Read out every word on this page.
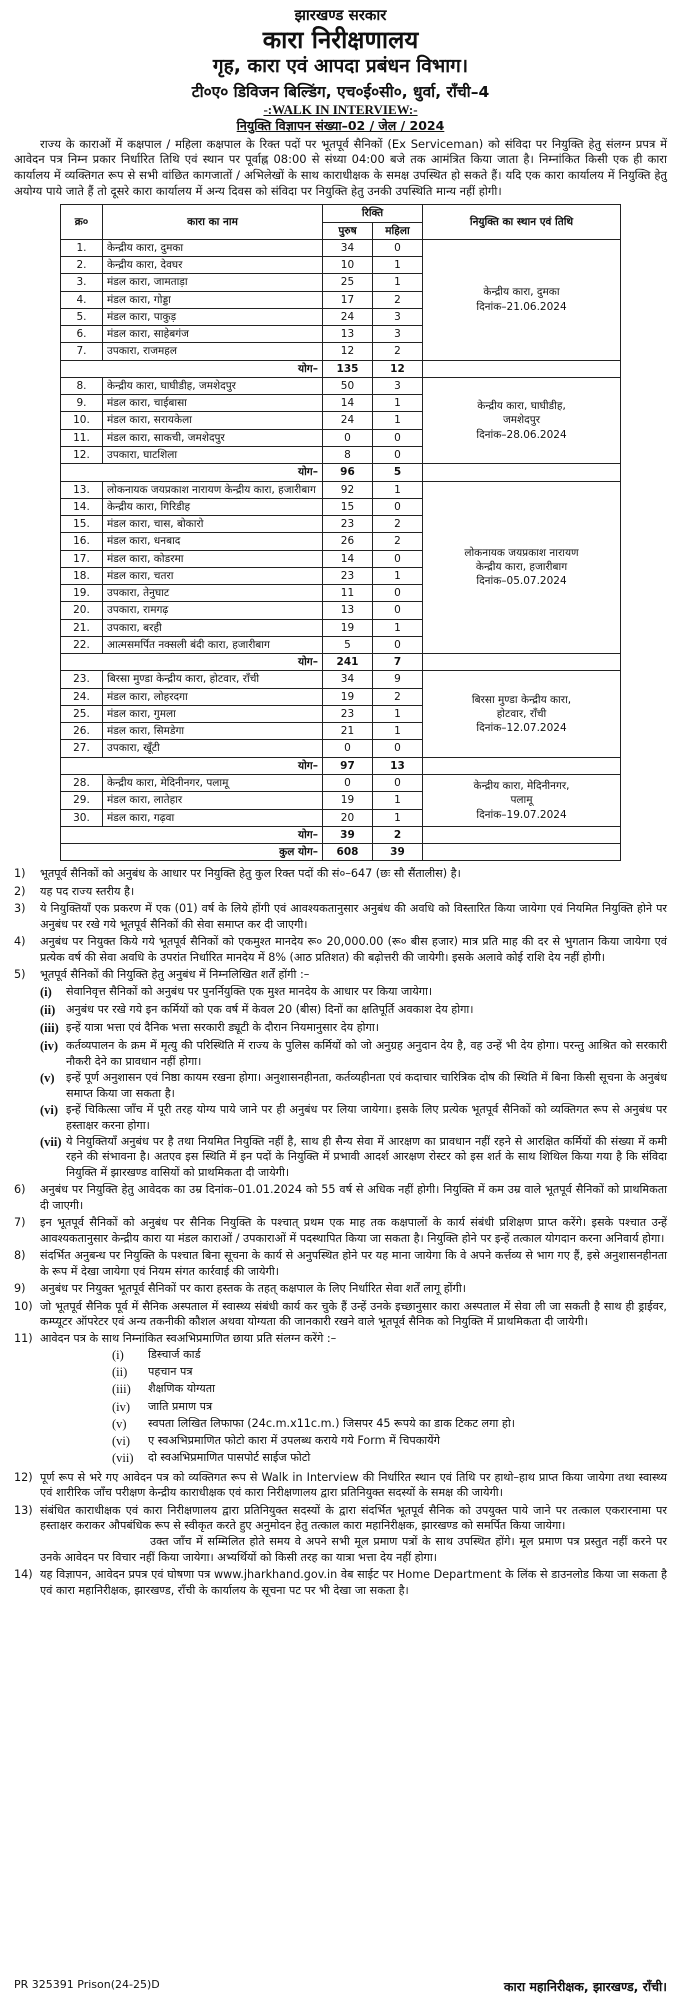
झारखण्ड सरकार
कारा निरीक्षणालय
गृह, कारा एवं आपदा प्रबंधन विभाग।
टी०ए० डिविजन बिल्डिंग, एच०ई०सी०, धुर्वा, राँची–4
-:WALK IN INTERVIEW:-
नियुक्ति विज्ञापन संख्या–02 / जेल / 2024

राज्य के काराओं में कक्षपाल / महिला कक्षपाल के रिक्त पदों पर भूतपूर्व सैनिकों (Ex Serviceman) को संविदा पर नियुक्ति हेतु संलग्न प्रपत्र में आवेदन पत्र निम्न प्रकार निर्धारित तिथि एवं स्थान पर पूर्वाह्न 08:00 से संध्या 04:00 बजे तक आमंत्रित किया जाता है। निम्नांकित किसी एक ही कारा कार्यालय में व्यक्तिगत रूप से सभी वांछित कागजातों / अभिलेखों के साथ काराधीक्षक के समक्ष उपस्थित हो सकते हैं। यदि एक कारा कार्यालय में नियुक्ति हेतु अयोग्य पाये जाते हैं तो दूसरे कारा कार्यालय में अन्य दिवस को संविदा पर नियुक्ति हेतु उनकी उपस्थिति मान्य नहीं होगी।

क्र०	कारा का नाम	रिक्ति		नियुक्ति का स्थान एवं तिथि
		पुरुष	महिला	
1.	केन्द्रीय कारा, दुमका	34	0	केन्द्रीय कारा, दुमका
दिनांक–21.06.2024

2.	केन्द्रीय कारा, देवघर	10	1	
3.	मंडल कारा, जामताड़ा	25	1	
4.	मंडल कारा, गोड्डा	17	2	
5.	मंडल कारा, पाकुड़	24	3	
6.	मंडल कारा, साहेबगंज	13	3	
7.	उपकारा, राजमहल	12	2	
योग–		135	12	
8.	केन्द्रीय कारा, घाघीडीह, जमशेदपुर	50	3	केन्द्रीय कारा, घाघीडीह,
जमशेदपुर
दिनांक–28.06.2024

9.	मंडल कारा, चाईबासा	14	1	
10.	मंडल कारा, सरायकेला	24	1	
11.	मंडल कारा, साकची, जमशेदपुर	0	0	
12.	उपकारा, घाटशिला	8	0	
योग–		96	5	
13.	लोकनायक जयप्रकाश नारायण केन्द्रीय कारा, हजारीबाग	92	1	लोकनायक जयप्रकाश नारायण
केन्द्रीय कारा, हजारीबाग
दिनांक–05.07.2024

14.	केन्द्रीय कारा, गिरिडीह	15	0	
15.	मंडल कारा, चास, बोकारो	23	2	
16.	मंडल कारा, धनबाद	26	2	
17.	मंडल कारा, कोडरमा	14	0	
18.	मंडल कारा, चतरा	23	1	
19.	उपकारा, तेनुघाट	11	0	
20.	उपकारा, रामगढ़	13	0	
21.	उपकारा, बरही	19	1	
22.	आत्मसमर्पित नक्सली बंदी कारा, हजारीबाग	5	0	
योग–		241	7	
23.	बिरसा मुण्डा केन्द्रीय कारा, होटवार, राँची	34	9	बिरसा मुण्डा केन्द्रीय कारा,
होटवार, राँची
दिनांक–12.07.2024

24.	मंडल कारा, लोहरदगा	19	2	
25.	मंडल कारा, गुमला	23	1	
26.	मंडल कारा, सिमडेगा	21	1	
27.	उपकारा, खूँटी	0	0	
योग–		97	13	
28.	केन्द्रीय कारा, मेदिनीनगर, पलामू	0	0	केन्द्रीय कारा, मेदिनीनगर,
पलामू
दिनांक–19.07.2024

29.	मंडल कारा, लातेहार	19	1	
30.	मंडल कारा, गढ़वा	20	1	
योग–		39	2	
कुल योग–		608	39	
1)	भूतपूर्व सैनिकों को अनुबंध के आधार पर नियुक्ति हेतु कुल रिक्त पदों की सं०–647 (छः सौ सैंतालीस) है।
2)	यह पद राज्य स्तरीय है।
3)	ये नियुक्तियाँ एक प्रकरण में एक (01) वर्ष के लिये होंगी एवं आवश्यकतानुसार अनुबंध की अवधि को विस्तारित किया जायेगा एवं नियमित नियुक्ति होने पर अनुबंध पर रखे गये भूतपूर्व सैनिकों की सेवा समाप्त कर दी जाएगी।
4)	अनुबंध पर नियुक्त किये गये भूतपूर्व सैनिकों को एकमुश्त मानदेय रू० 20,000.00 (रू० बीस हजार) मात्र प्रति माह की दर से भुगतान किया जायेगा एवं प्रत्येक वर्ष की सेवा अवधि के उपरांत निर्धारित मानदेय में 8% (आठ प्रतिशत) की बढ़ोत्तरी की जायेगी। इसके अलावे कोई राशि देय नहीं होगी।
5)	भूतपूर्व सैनिकों की नियुक्ति हेतु अनुबंध में निम्नलिखित शर्तें होंगी :–
(i)	सेवानिवृत्त सैनिकों को अनुबंध पर पुनर्नियुक्ति एक मुश्त मानदेय के आधार पर किया जायेगा।
(ii) अनुबंध पर रखे गये इन कर्मियों को एक वर्ष में केवल 20 (बीस) दिनों का क्षतिपूर्ति अवकाश देय होगा।
(iii) इन्हें यात्रा भत्ता एवं दैनिक भत्ता सरकारी ड्यूटी के दौरान नियमानुसार देय होगा।
(iv) कर्तव्यपालन के क्रम में मृत्यु की परिस्थिति में राज्य के पुलिस कर्मियों को जो अनुग्रह अनुदान देय है, वह उन्हें भी देय होगा। परन्तु आश्रित को सरकारी नौकरी देने का प्रावधान नहीं होगा।
(v)	इन्हें पूर्ण अनुशासन एवं निष्ठा कायम रखना होगा। अनुशासनहीनता, कर्तव्यहीनता एवं कदाचार चारित्रिक दोष की स्थिति में बिना किसी सूचना के अनुबंध समाप्त किया जा सकता है।
(vi) इन्हें चिकित्सा जाँच में पूरी तरह योग्य पाये जाने पर ही अनुबंध पर लिया जायेगा। इसके लिए प्रत्येक भूतपूर्व सैनिकों को व्यक्तिगत रूप से अनुबंध पर हस्ताक्षर करना होगा।
(vii) ये नियुक्तियाँ अनुबंध पर है तथा नियमित नियुक्ति नहीं है, साथ ही सैन्य सेवा में आरक्षण का प्रावधान नहीं रहने से आरक्षित कर्मियों की संख्या में कमी रहने की संभावना है। अतएव इस स्थिति में इन पदों के नियुक्ति में प्रभावी आदर्श आरक्षण रोस्टर को इस शर्त के साथ शिथिल किया गया है कि संविदा नियुक्ति में झारखण्ड वासियों को प्राथमिकता दी जायेगी।
6)	अनुबंध पर नियुक्ति हेतु आवेदक का उम्र दिनांक–01.01.2024 को 55 वर्ष से अधिक नहीं होगी। नियुक्ति में कम उम्र वाले भूतपूर्व सैनिकों को प्राथमिकता दी जाएगी।
7)	इन भूतपूर्व सैनिकों को अनुबंध पर सैनिक नियुक्ति के पश्चात् प्रथम एक माह तक कक्षपालों के कार्य संबंधी प्रशिक्षण प्राप्त करेंगे। इसके पश्चात उन्हें आवश्यकतानुसार केन्द्रीय कारा या मंडल काराओं / उपकाराओं में पदस्थापित किया जा सकता है। नियुक्ति होने पर इन्हें तत्काल योगदान करना अनिवार्य होगा।
8)	संदर्भित अनुबन्ध पर नियुक्ति के पश्चात बिना सूचना के कार्य से अनुपस्थित होने पर यह माना जायेगा कि वे अपने कर्त्तव्य से भाग गए हैं, इसे अनुशासनहीनता के रूप में देखा जायेगा एवं नियम संगत कार्रवाई की जायेगी।
9)	अनुबंध पर नियुक्त भूतपूर्व सैनिकों पर कारा हस्तक के तहत् कक्षपाल के लिए निर्धारित सेवा शर्तें लागू होंगी।
10) जो भूतपूर्व सैनिक पूर्व में सैनिक अस्पताल में स्वास्थ्य संबंधी कार्य कर चुके हैं उन्हें उनके इच्छानुसार कारा अस्पताल में सेवा ली जा सकती है साथ ही ड्राईवर, कम्प्यूटर ऑपरेटर एवं अन्य तकनीकी कौशल अथवा योग्यता की जानकारी रखने वाले भूतपूर्व सैनिक को नियुक्ति में प्राथमिकता दी जायेगी।
11) आवेदन पत्र के साथ निम्नांकित स्वअभिप्रमाणित छाया प्रति संलग्न करेंगे :–
(i)	डिस्चार्ज कार्ड
(ii)	पहचान पत्र
(iii)	शैक्षणिक योग्यता
(iv)	जाति प्रमाण पत्र
(v)	स्वपता लिखित लिफाफा (24c.m.x11c.m.) जिसपर 45 रूपये का डाक टिकट लगा हो।
(vi)	ए स्वअभिप्रमाणित फोटो कारा में उपलब्ध कराये गये Form में चिपकायेंगे
(vii)	दो स्वअभिप्रमाणित पासपोर्ट साईज फोटो
12) पूर्ण रूप से भरे गए आवेदन पत्र को व्यक्तिगत रूप से Walk in Interview की निर्धारित स्थान एवं तिथि पर हाथो–हाथ प्राप्त किया जायेगा तथा स्वास्थ्य एवं शारीरिक जाँच परीक्षण केन्द्रीय काराधीक्षक एवं कारा निरीक्षणालय द्वारा प्रतिनियुक्त सदस्यों के समक्ष की जायेगी।
13) संबंधित काराधीक्षक एवं कारा निरीक्षणालय द्वारा प्रतिनियुक्त सदस्यों के द्वारा संदर्भित भूतपूर्व सैनिक को उपयुक्त पाये जाने पर तत्काल एकरारनामा पर हस्ताक्षर कराकर औपबंधिक रूप से स्वीकृत करते हुए अनुमोदन हेतु तत्काल कारा महानिरीक्षक, झारखण्ड को समर्पित किया जायेगा।
उक्त जाँच में सम्मिलित होते समय वे अपने सभी मूल प्रमाण पत्रों के साथ उपस्थित होंगे। मूल प्रमाण पत्र प्रस्तुत नहीं करने पर उनके आवेदन पर विचार नहीं किया जायेगा। अभ्यर्थियों को किसी तरह का यात्रा भत्ता देय नहीं होगा।
14) यह विज्ञापन, आवेदन प्रपत्र एवं घोषणा पत्र www.jharkhand.gov.in वेब साईट पर Home Department के लिंक से डाउनलोड किया जा सकता है एवं कारा महानिरीक्षक, झारखण्ड, राँची के कार्यालय के सूचना पट पर भी देखा जा सकता है।
PR 325391 Prison(24-25)D	कारा महानिरीक्षक, झारखण्ड, राँची।
